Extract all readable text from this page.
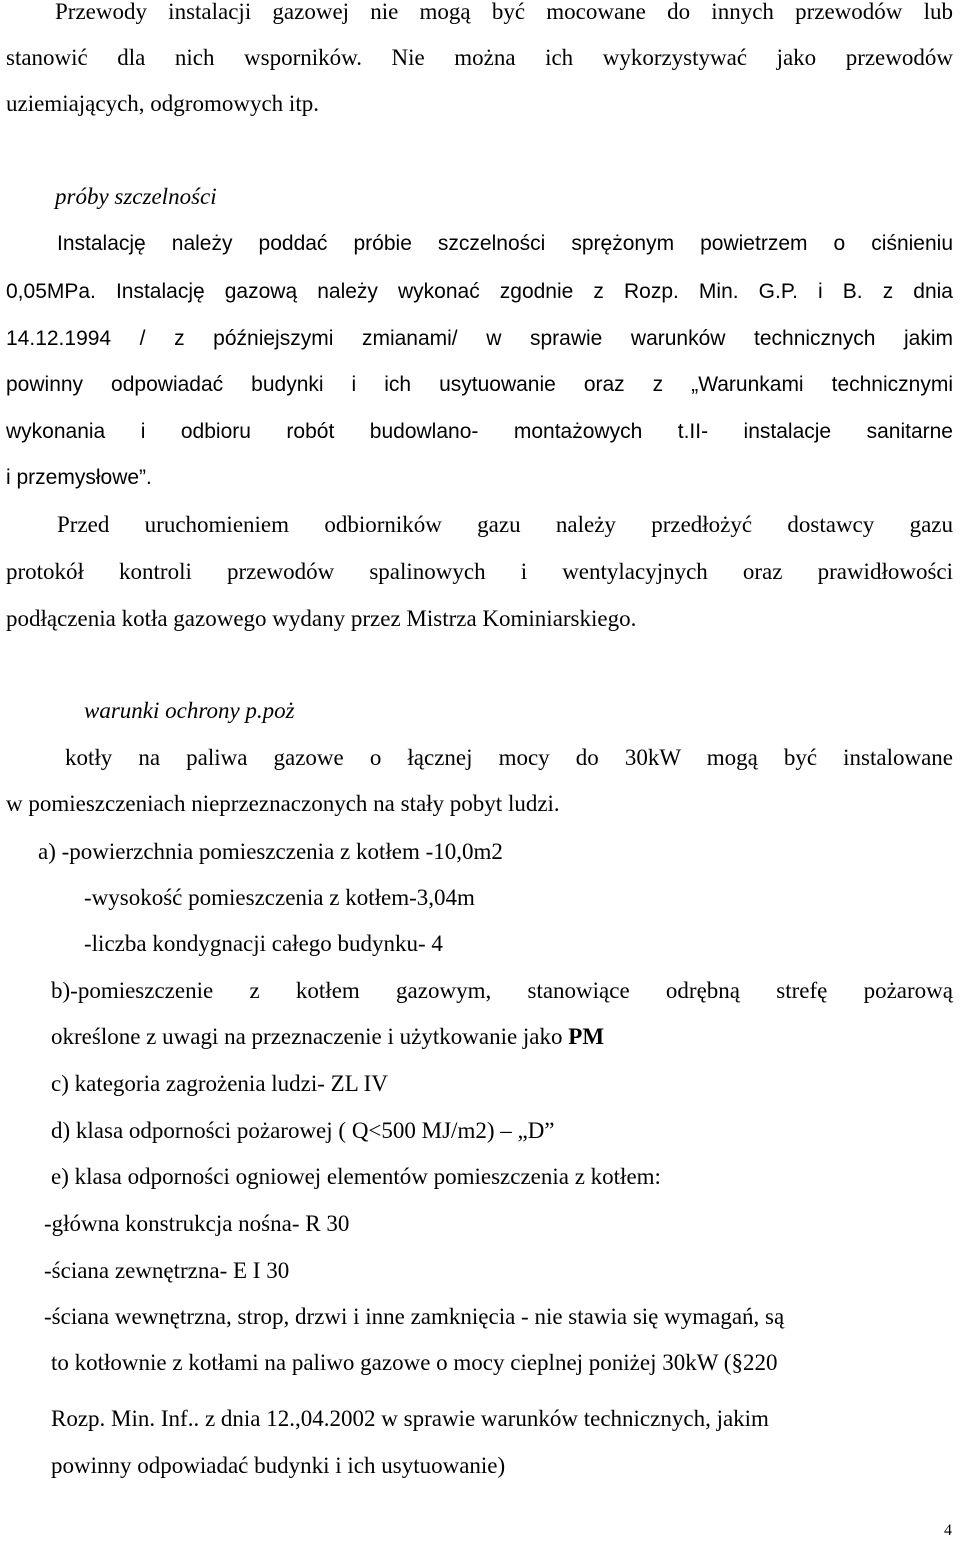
Przewody instalacji gazowej nie mogą być mocowane do innych przewodów lub
stanowić dla nich wsporników. Nie można ich wykorzystywać jako przewodów
uziemiających, odgromowych itp.
próby szczelności
Instalację należy poddać próbie szczelności sprężonym powietrzem o ciśnieniu
0,05MPa. Instalację gazową należy wykonać zgodnie z Rozp. Min. G.P. i B. z dnia
14.12.1994 / z późniejszymi zmianami/ w sprawie warunków technicznych jakim
powinny odpowiadać budynki i ich usytuowanie oraz z „Warunkami technicznymi
wykonania i odbioru robót budowlano- montażowych t.II- instalacje sanitarne
i przemysłowe”.
Przed uruchomieniem odbiorników gazu należy przedłożyć dostawcy gazu
protokół kontroli przewodów spalinowych i wentylacyjnych oraz prawidłowości
podłączenia kotła gazowego wydany przez Mistrza Kominiarskiego.
warunki ochrony p.poż
kotły na paliwa gazowe o łącznej mocy do 30kW mogą być instalowane
w pomieszczeniach nieprzeznaczonych na stały pobyt ludzi.
a) -powierzchnia pomieszczenia z kotłem -10,0m2
-wysokość pomieszczenia z kotłem-3,04m
-liczba kondygnacji całego budynku- 4
b)-pomieszczenie z kotłem gazowym, stanowiące odrębną strefę pożarową
określone z uwagi na przeznaczenie i użytkowanie jako PM
c) kategoria zagrożenia ludzi- ZL IV
d) klasa odporności pożarowej ( Q<500 MJ/m2) – „D”
e) klasa odporności ogniowej elementów pomieszczenia z kotłem:
-główna konstrukcja nośna- R 30
-ściana zewnętrzna- E I 30
-ściana wewnętrzna, strop, drzwi i inne zamknięcia - nie stawia się wymagań, są
to kotłownie z kotłami na paliwo gazowe o mocy cieplnej poniżej 30kW (§220
Rozp. Min. Inf.. z dnia 12.,04.2002 w sprawie warunków technicznych, jakim
powinny odpowiadać budynki i ich usytuowanie)
4
